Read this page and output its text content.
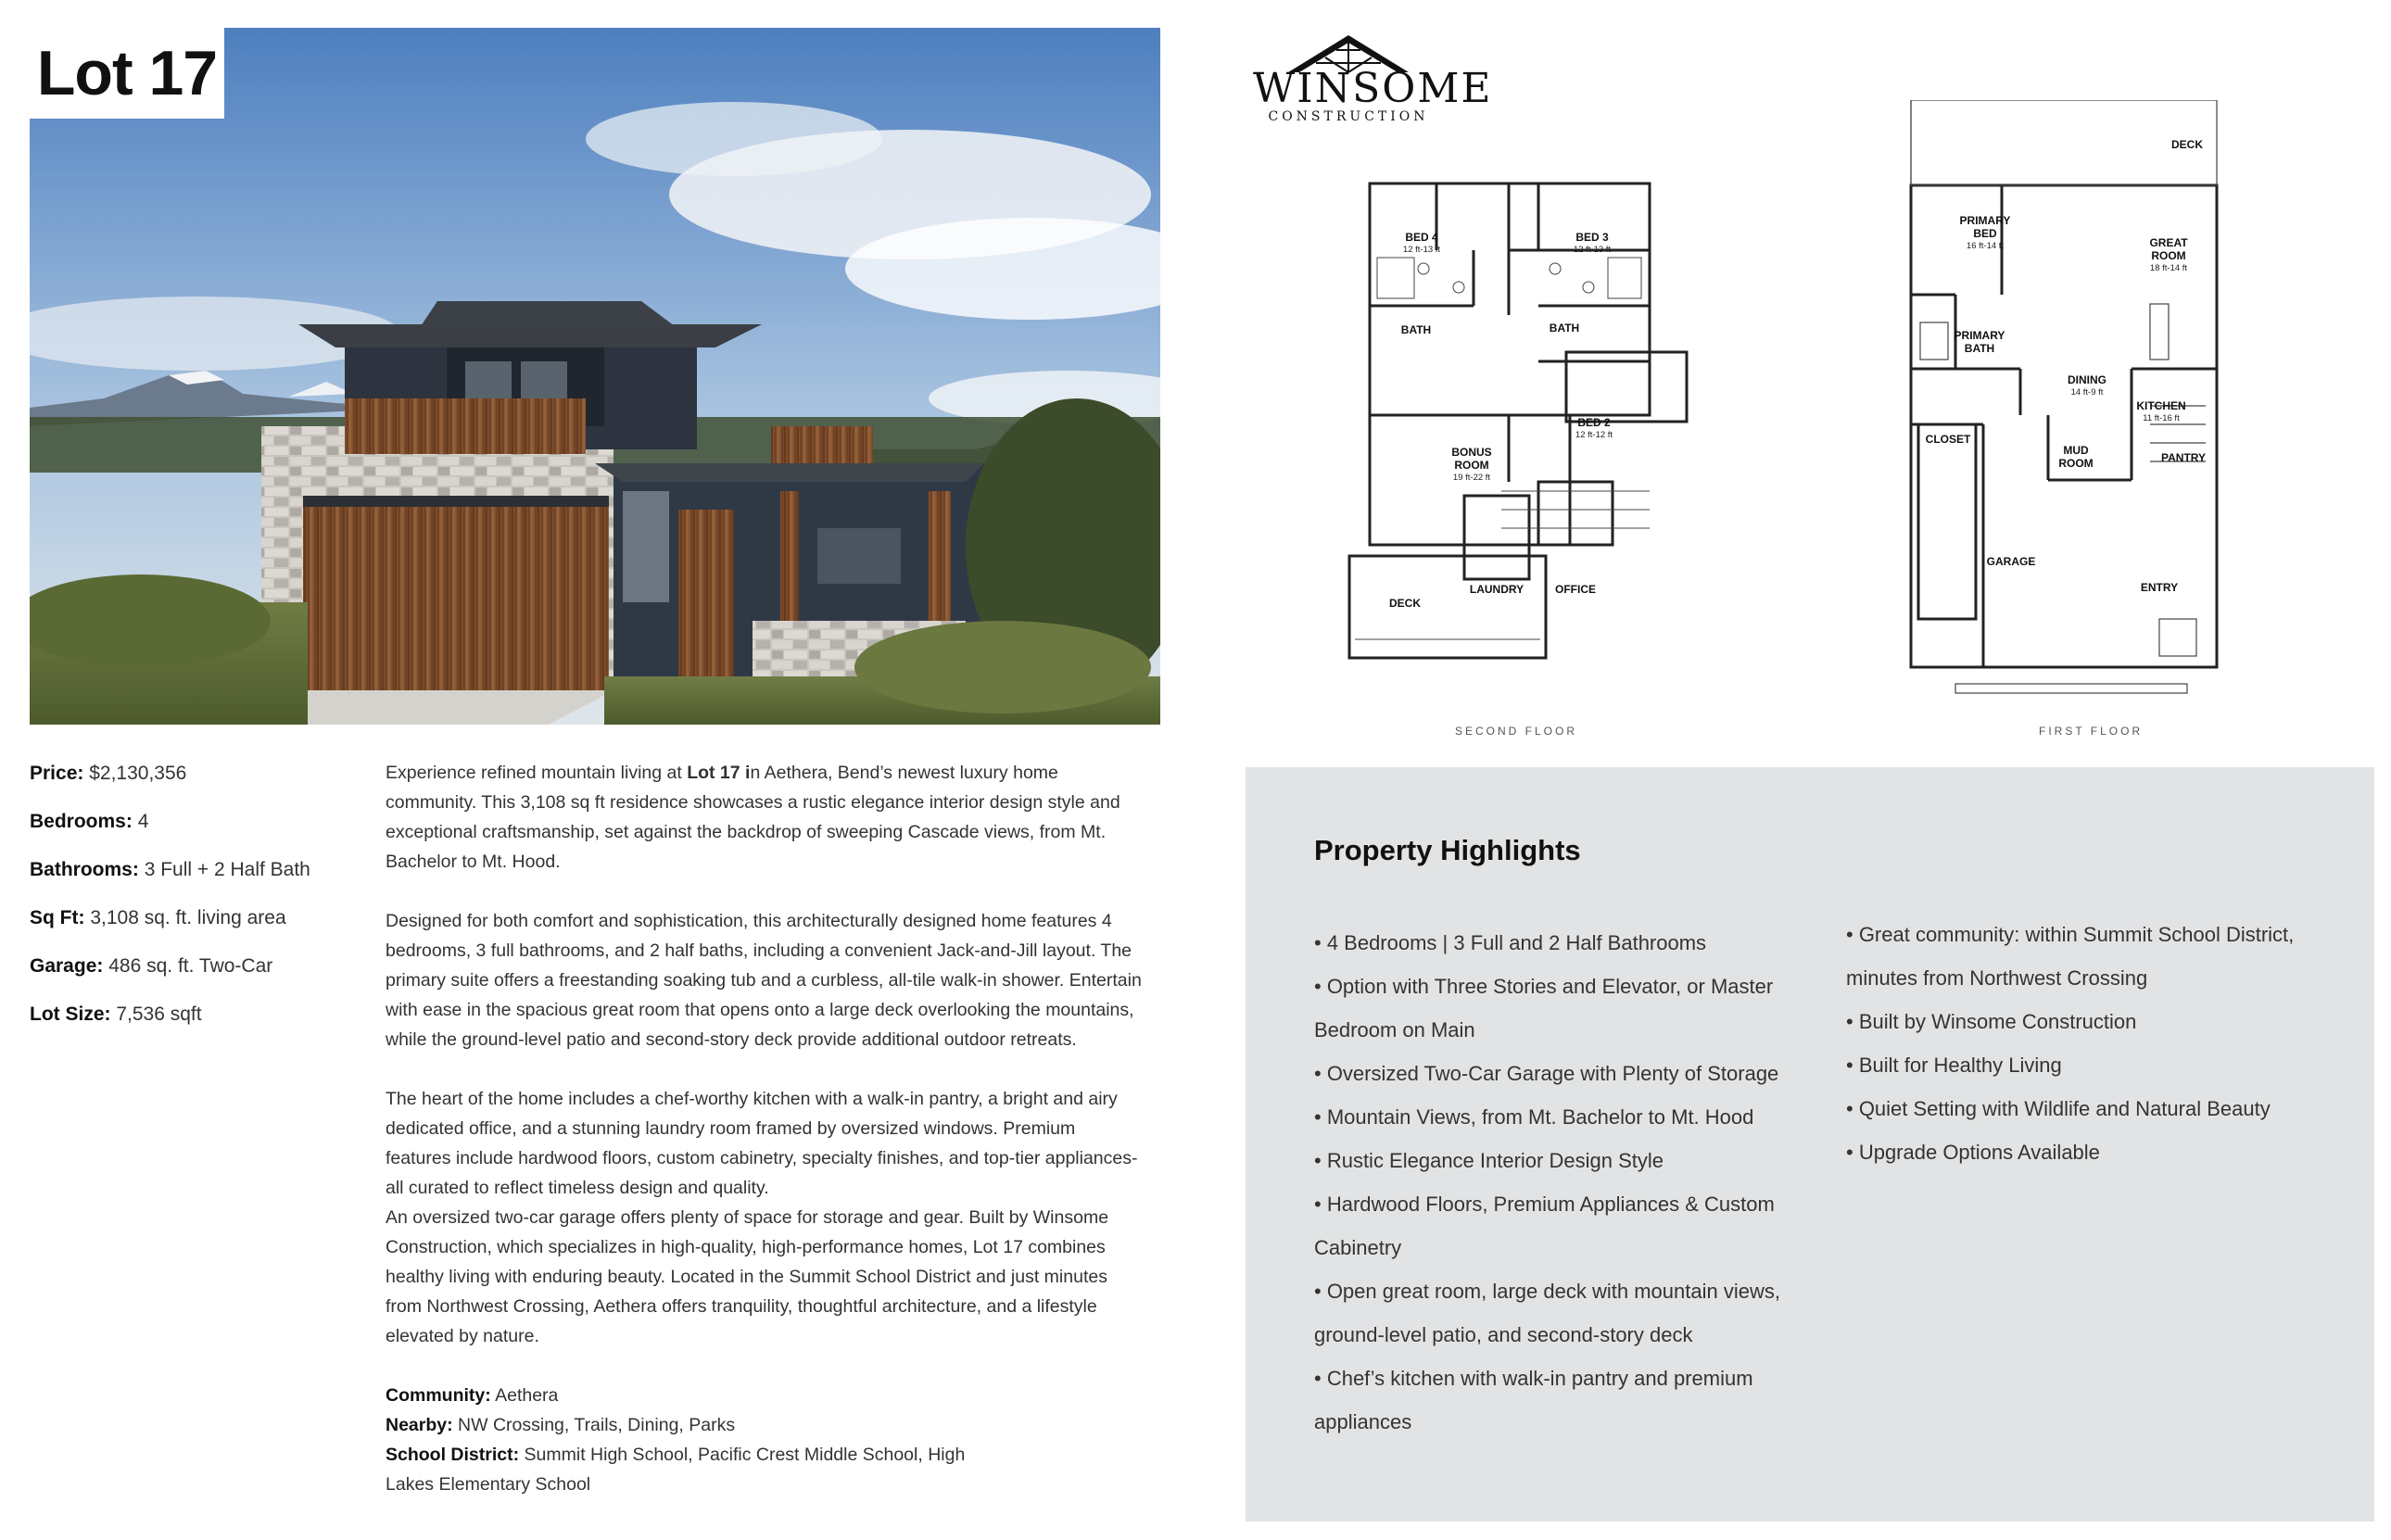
Lot 17
Price: $2,130,356
Bedrooms: 4
Bathrooms: 3 Full + 2 Half Bath
Sq Ft: 3,108 sq. ft. living area
Garage: 486 sq. ft. Two-Car
Lot Size: 7,536 sqft

Experience refined mountain living at Lot 17 in Aethera, Bend’s newest luxury home community. This 3,108 sq ft residence showcases a rustic elegance interior design style and exceptional craftsmanship, set against the backdrop of sweeping Cascade views, from Mt. Bachelor to Mt. Hood.

Designed for both comfort and sophistication, this architecturally designed home features 4 bedrooms, 3 full bathrooms, and 2 half baths, including a convenient Jack-and-Jill layout. The primary suite offers a freestanding soaking tub and a curbless, all-tile walk-in shower. Entertain with ease in the spacious great room that opens onto a large deck overlooking the mountains, while the ground-level patio and second-story deck provide additional outdoor retreats.

The heart of the home includes a chef-worthy kitchen with a walk-in pantry, a bright and airy dedicated office, and a stunning laundry room framed by oversized windows. Premium features include hardwood floors, custom cabinetry, specialty finishes, and top-tier appliances- all curated to reflect timeless design and quality.

An oversized two-car garage offers plenty of space for storage and gear. Built by Winsome Construction, which specializes in high-quality, high-performance homes, Lot 17 combines healthy living with enduring beauty. Located in the Summit School District and just minutes from Northwest Crossing, Aethera offers tranquility, thoughtful architecture, and a lifestyle elevated by nature.

Community: Aethera
Nearby: NW Crossing, Trails, Dining, Parks
School District: Summit High School, Pacific Crest Middle School, High Lakes Elementary School
WINSOME
CONSTRUCTION
BED 4
12 ft-13 ft
BED 3
12 ft-13 ft
BATH	BATH
BED 2
12 ft-12 ft
BONUS
ROOM
19 ft-22 ft
DECK
LAUNDRY	OFFICE
SECOND FLOOR
DECK
PRIMARY
BED
16 ft-14 ft	GREAT
ROOM
18 ft-14 ft
PRIMARY
BATH
DINING
14 ft-9 ft
KITCHEN
11 ft-16 ft
CLOSET
MUD
ROOM	PANTRY
GARAGE
ENTRY
FIRST FLOOR
Property Highlights
• 4 Bedrooms | 3 Full and 2 Half Bathrooms
• Option with Three Stories and Elevator, or Master Bedroom on Main
• Oversized Two-Car Garage with Plenty of Storage
• Mountain Views, from Mt. Bachelor to Mt. Hood
• Rustic Elegance Interior Design Style
• Hardwood Floors, Premium Appliances & Custom Cabinetry
• Open great room, large deck with mountain views, ground-level patio, and second-story deck
• Chef’s kitchen with walk-in pantry and premium appliances
• Great community: within Summit School District, minutes from Northwest Crossing
• Built by Winsome Construction
• Built for Healthy Living
• Quiet Setting with Wildlife and Natural Beauty
• Upgrade Options Available
